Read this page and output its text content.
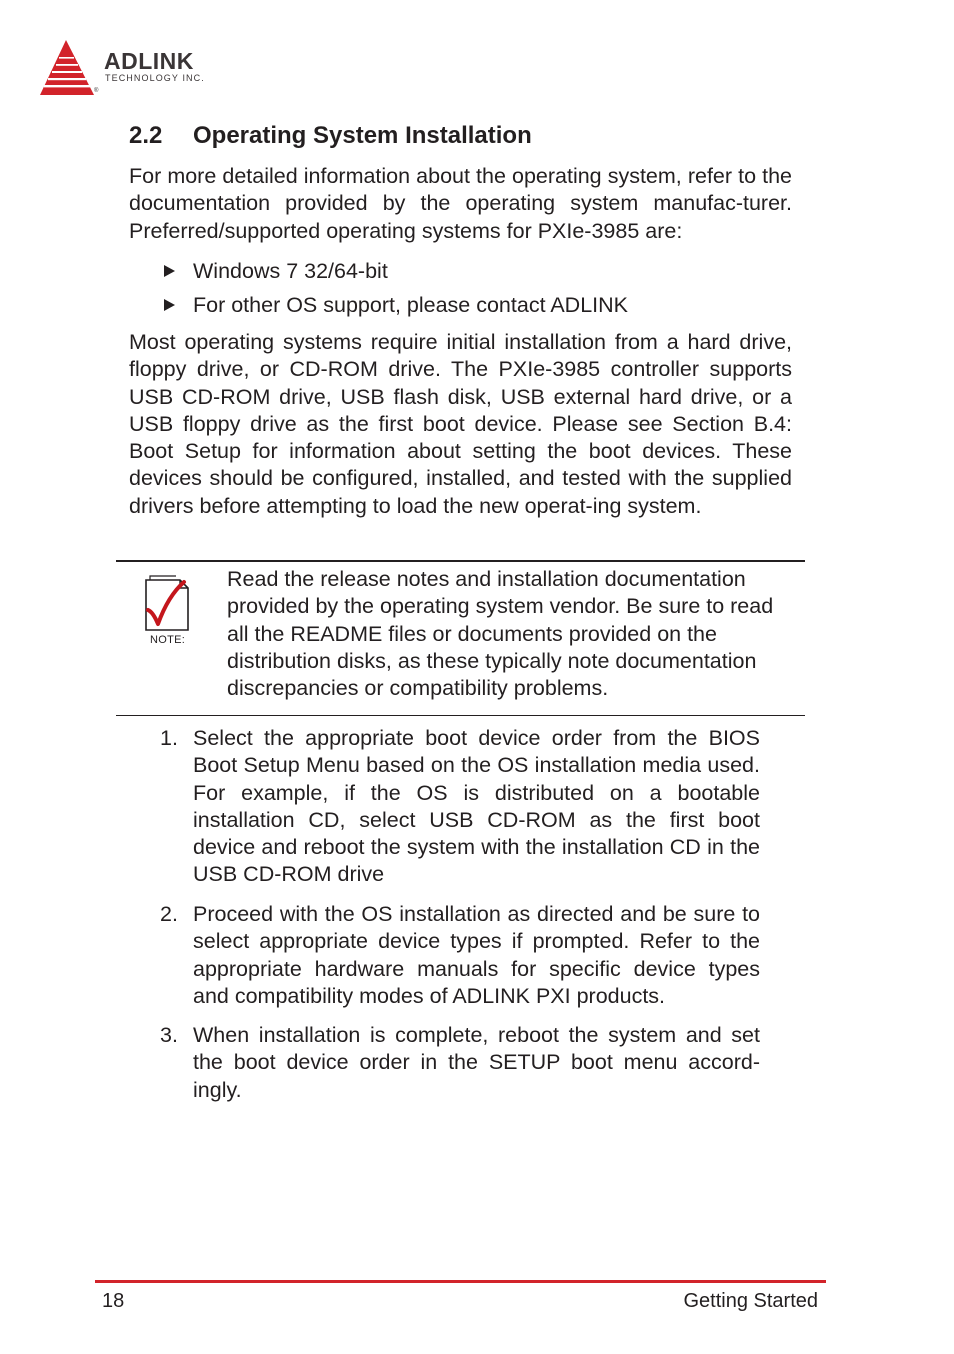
ADLINK
TECHNOLOGY INC.
®
2.2 Operating System Installation

For more detailed information about the operating system, refer to the documentation provided by the operating system manufac-turer. Preferred/supported operating systems for PXIe-3985 are:

Windows 7 32/64-bit
For other OS support, please contact ADLINK

Most operating systems require initial installation from a hard drive, floppy drive, or CD-ROM drive. The PXIe-3985 controller supports USB CD-ROM drive, USB flash disk, USB external hard drive, or a USB floppy drive as the first boot device. Please see Section B.4: Boot Setup for information about setting the boot devices. These devices should be configured, installed, and tested with the supplied drivers before attempting to load the new operat-ing system.

NOTE:

Read the release notes and installation documentation provided by the operating system vendor. Be sure to read all the README files or documents provided on the distribution disks, as these typically note documentation discrepancies or compatibility problems.

1. Select the appropriate boot device order from the BIOS Boot Setup Menu based on the OS installation media used. For example, if the OS is distributed on a bootable installation CD, select USB CD-ROM as the first boot device and reboot the system with the installation CD in the USB CD-ROM drive
2. Proceed with the OS installation as directed and be sure to select appropriate device types if prompted. Refer to the appropriate hardware manuals for specific device types and compatibility modes of ADLINK PXI products.
3. When installation is complete, reboot the system and set the boot device order in the SETUP boot menu accord-ingly.
18	Getting Started
